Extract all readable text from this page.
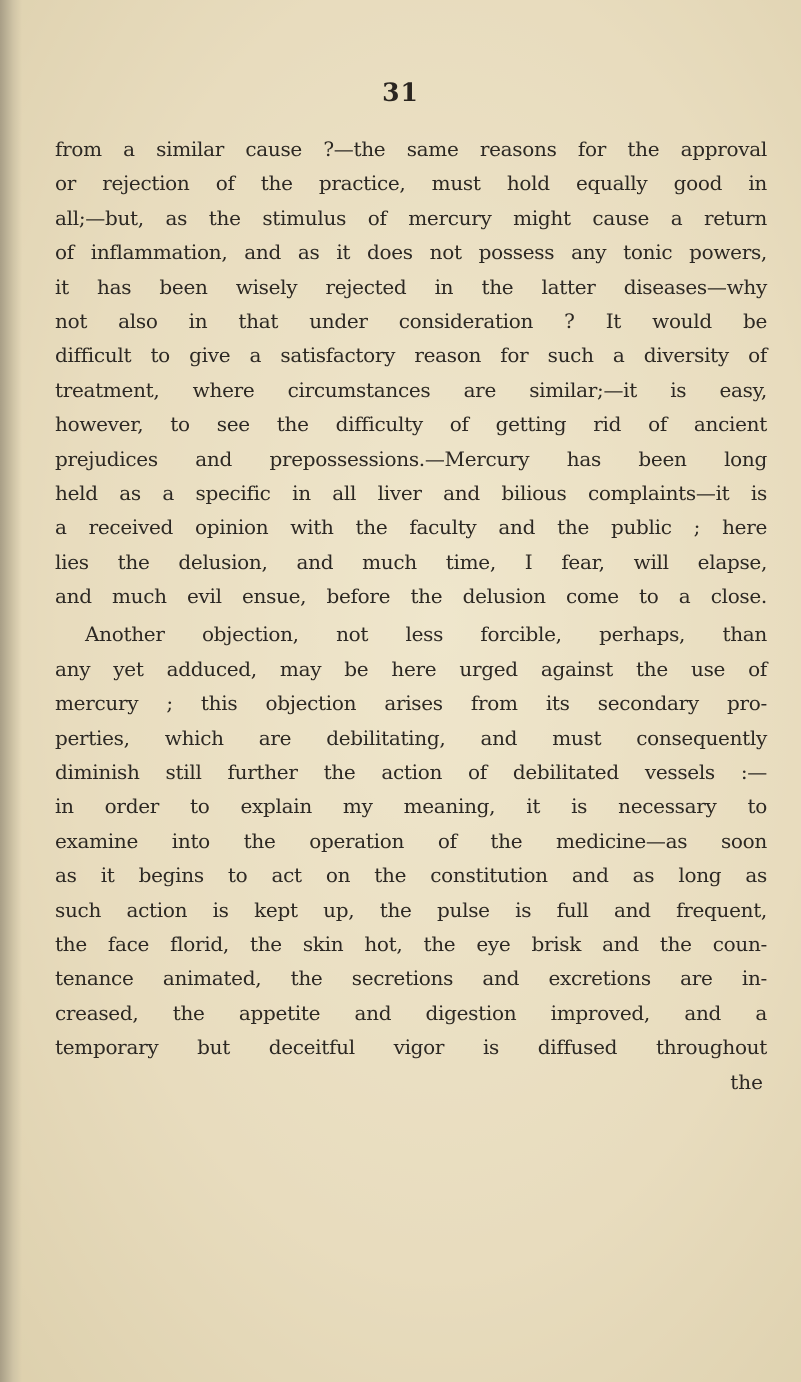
31
from a similar cause ?—the same reasons for the approval
or rejection of the practice, must hold equally good in
all;—but, as the stimulus of mercury might cause a return
of inflammation, and as it does not possess any tonic powers,
it has been wisely rejected in the latter diseases—why
not also in that under consideration ? It would be
difficult to give a satisfactory reason for such a diversity of
treatment, where circumstances are similar;—it is easy,
however, to see the difficulty of getting rid of ancient
prejudices and prepossessions.—Mercury has been long
held as a specific in all liver and bilious complaints—it is
a received opinion with the faculty and the public ; here
lies the delusion, and much time, I fear, will elapse,
and much evil ensue, before the delusion come to a close.
Another objection, not less forcible, perhaps, than
any yet adduced, may be here urged against the use of
mercury ; this objection arises from its secondary pro-
perties, which are debilitating, and must consequently
diminish still further the action of debilitated vessels :—
in order to explain my meaning, it is necessary to
examine into the operation of the medicine—as soon
as it begins to act on the constitution and as long as
such action is kept up, the pulse is full and frequent,
the face florid, the skin hot, the eye brisk and the coun-
tenance animated, the secretions and excretions are in-
creased, the appetite and digestion improved, and a
temporary but deceitful vigor is diffused throughout
the
